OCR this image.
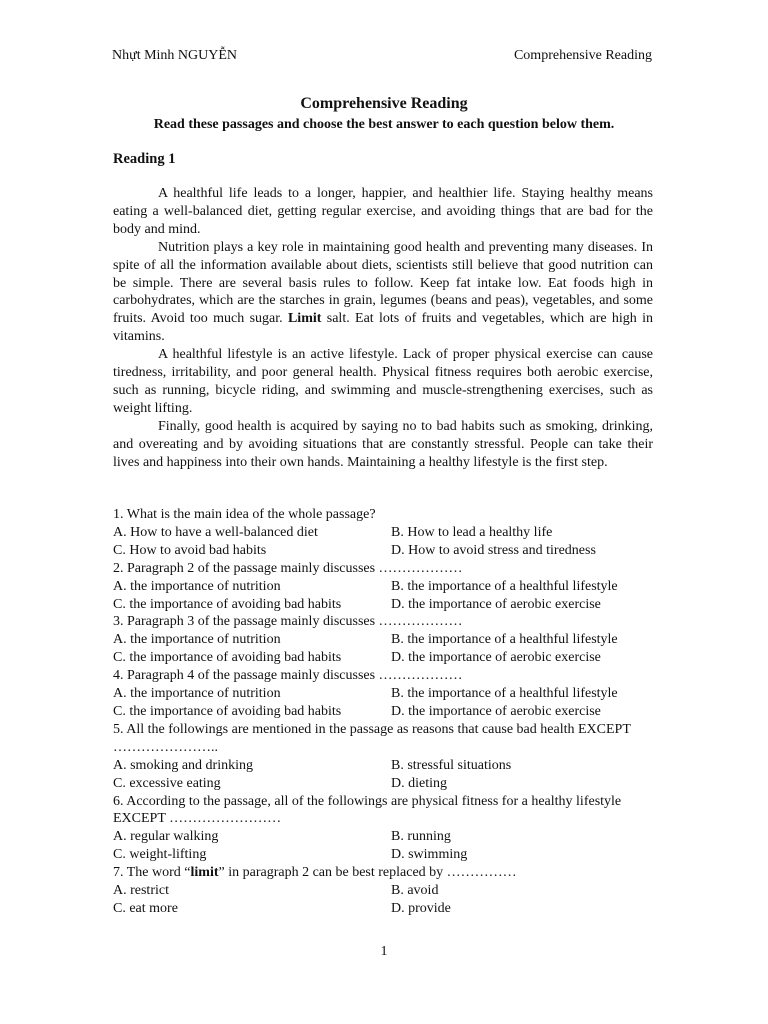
Nhựt Minh NGUYỄN	Comprehensive Reading
Comprehensive Reading
Read these passages and choose the best answer to each question below them.
Reading 1

A healthful life leads to a longer, happier, and healthier life. Staying healthy means eating a well-balanced diet, getting regular exercise, and avoiding things that are bad for the body and mind.

Nutrition plays a key role in maintaining good health and preventing many diseases. In spite of all the information available about diets, scientists still believe that good nutrition can be simple. There are several basis rules to follow. Keep fat intake low. Eat foods high in carbohydrates, which are the starches in grain, legumes (beans and peas), vegetables, and some fruits. Avoid too much sugar. Limit salt. Eat lots of fruits and vegetables, which are high in vitamins.

A healthful lifestyle is an active lifestyle. Lack of proper physical exercise can cause tiredness, irritability, and poor general health. Physical fitness requires both aerobic exercise, such as running, bicycle riding, and swimming and muscle-strengthening exercises, such as weight lifting.

Finally, good health is acquired by saying no to bad habits such as smoking, drinking, and overeating and by avoiding situations that are constantly stressful. People can take their lives and happiness into their own hands. Maintaining a healthy lifestyle is the first step.

1. What is the main idea of the whole passage?

A. How to have a well-balanced diet	B. How to lead a healthy life
C. How to avoid bad habits	D. How to avoid stress and tiredness

2. Paragraph 2 of the passage mainly discusses ………………

A. the importance of nutrition	B. the importance of a healthful lifestyle
C. the importance of avoiding bad habits	D. the importance of aerobic exercise

3. Paragraph 3 of the passage mainly discusses ………………

A. the importance of nutrition	B. the importance of a healthful lifestyle
C. the importance of avoiding bad habits	D. the importance of aerobic exercise

4. Paragraph 4 of the passage mainly discusses ………………

A. the importance of nutrition	B. the importance of a healthful lifestyle
C. the importance of avoiding bad habits	D. the importance of aerobic exercise

5. All the followings are mentioned in the passage as reasons that cause bad health EXCEPT …………………..

A. smoking and drinking	B. stressful situations
C. excessive eating	D. dieting

6. According to the passage, all of the followings are physical fitness for a healthy lifestyle EXCEPT ……………………

A. regular walking	B. running
C. weight-lifting	D. swimming

7. The word “limit” in paragraph 2 can be best replaced by ……………

A. restrict	B. avoid
C. eat more	D. provide
1
